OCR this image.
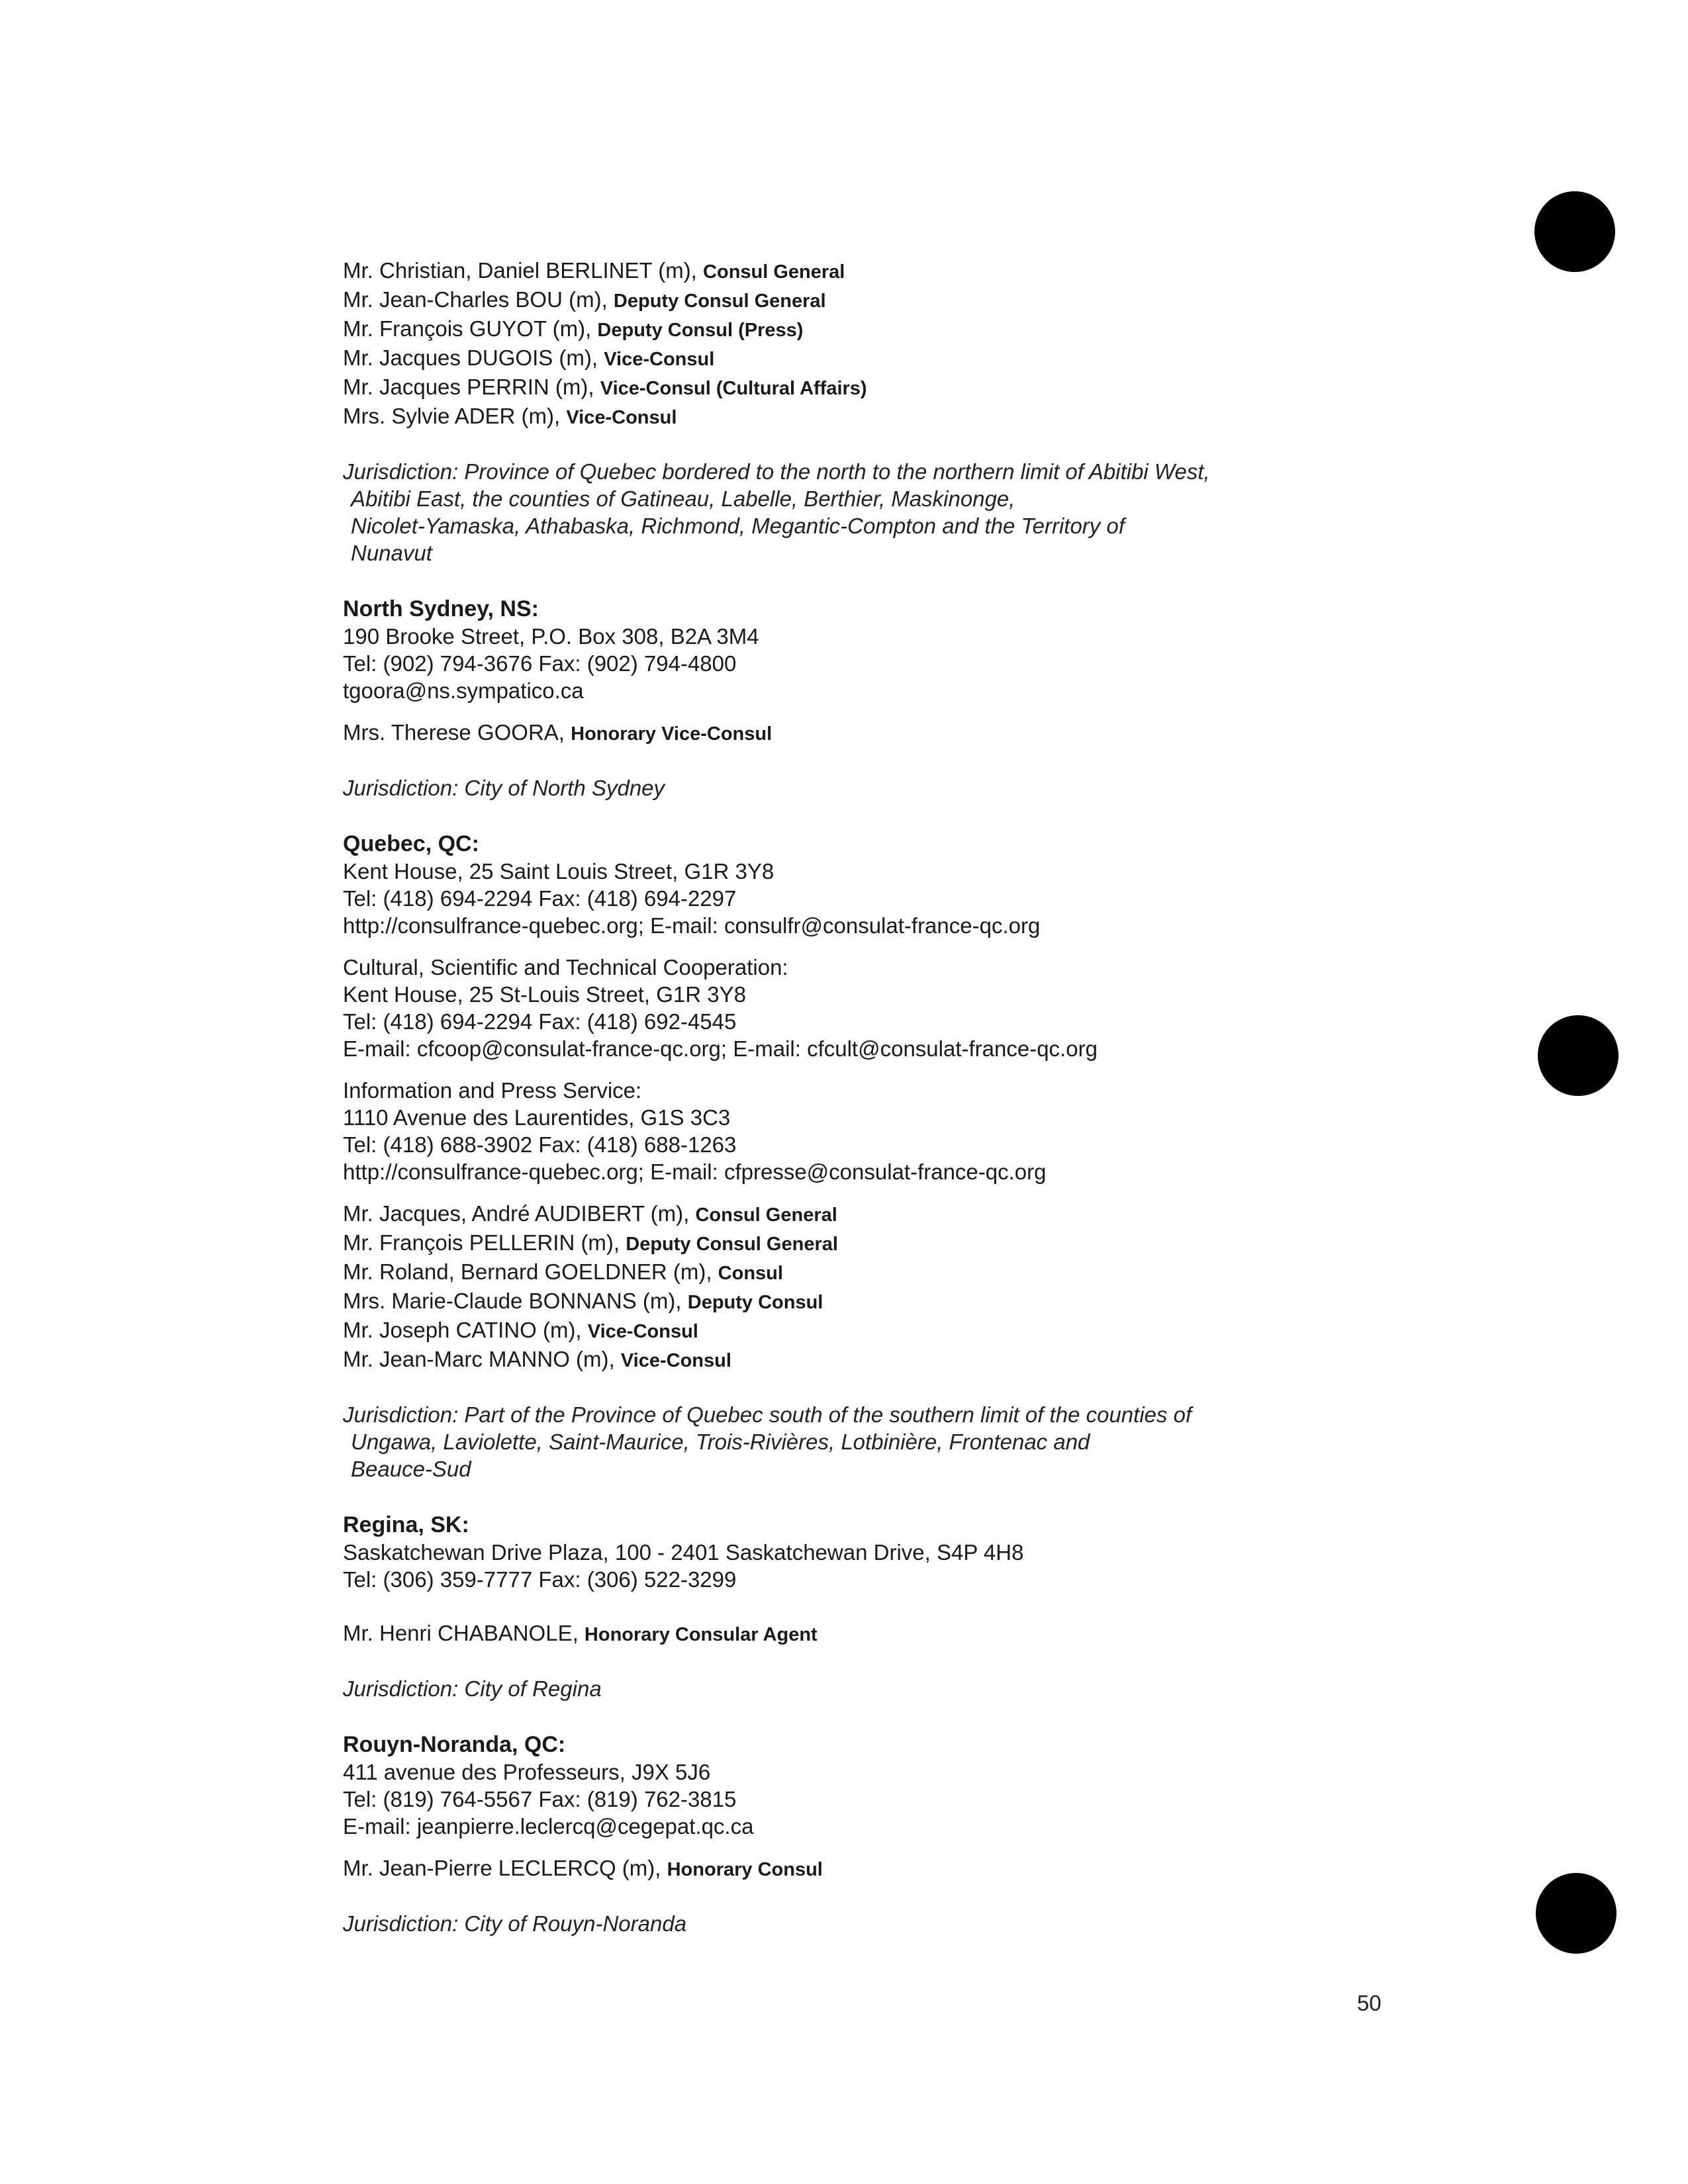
Mr. Christian, Daniel BERLINET (m), Consul General
Mr. Jean-Charles BOU (m), Deputy Consul General
Mr. François GUYOT (m), Deputy Consul (Press)
Mr. Jacques DUGOIS (m), Vice-Consul
Mr. Jacques PERRIN (m), Vice-Consul (Cultural Affairs)
Mrs. Sylvie ADER (m), Vice-Consul
Jurisdiction: Province of Quebec bordered to the north to the northern limit of Abitibi West,
Abitibi East, the counties of Gatineau, Labelle, Berthier, Maskinonge,
Nicolet-Yamaska, Athabaska, Richmond, Megantic-Compton and the Territory of
Nunavut
North Sydney, NS:
190 Brooke Street, P.O. Box 308, B2A 3M4
Tel: (902) 794-3676 Fax: (902) 794-4800
tgoora@ns.sympatico.ca
Mrs. Therese GOORA, Honorary Vice-Consul
Jurisdiction: City of North Sydney
Quebec, QC:
Kent House, 25 Saint Louis Street, G1R 3Y8
Tel: (418) 694-2294 Fax: (418) 694-2297
http://consulfrance-quebec.org; E-mail: consulfr@consulat-france-qc.org
Cultural, Scientific and Technical Cooperation:
Kent House, 25 St-Louis Street, G1R 3Y8
Tel: (418) 694-2294 Fax: (418) 692-4545
E-mail: cfcoop@consulat-france-qc.org; E-mail: cfcult@consulat-france-qc.org
Information and Press Service:
1110 Avenue des Laurentides, G1S 3C3
Tel: (418) 688-3902 Fax: (418) 688-1263
http://consulfrance-quebec.org; E-mail: cfpresse@consulat-france-qc.org
Mr. Jacques, André AUDIBERT (m), Consul General
Mr. François PELLERIN (m), Deputy Consul General
Mr. Roland, Bernard GOELDNER (m), Consul
Mrs. Marie-Claude BONNANS (m), Deputy Consul
Mr. Joseph CATINO (m), Vice-Consul
Mr. Jean-Marc MANNO (m), Vice-Consul
Jurisdiction: Part of the Province of Quebec south of the southern limit of the counties of
Ungawa, Laviolette, Saint-Maurice, Trois-Rivières, Lotbinière, Frontenac and
Beauce-Sud
Regina, SK:
Saskatchewan Drive Plaza, 100 - 2401 Saskatchewan Drive, S4P 4H8
Tel: (306) 359-7777 Fax: (306) 522-3299
Mr. Henri CHABANOLE, Honorary Consular Agent
Jurisdiction: City of Regina
Rouyn-Noranda, QC:
411 avenue des Professeurs, J9X 5J6
Tel: (819) 764-5567 Fax: (819) 762-3815
E-mail: jeanpierre.leclercq@cegepat.qc.ca
Mr. Jean-Pierre LECLERCQ (m), Honorary Consul
Jurisdiction: City of Rouyn-Noranda
50
